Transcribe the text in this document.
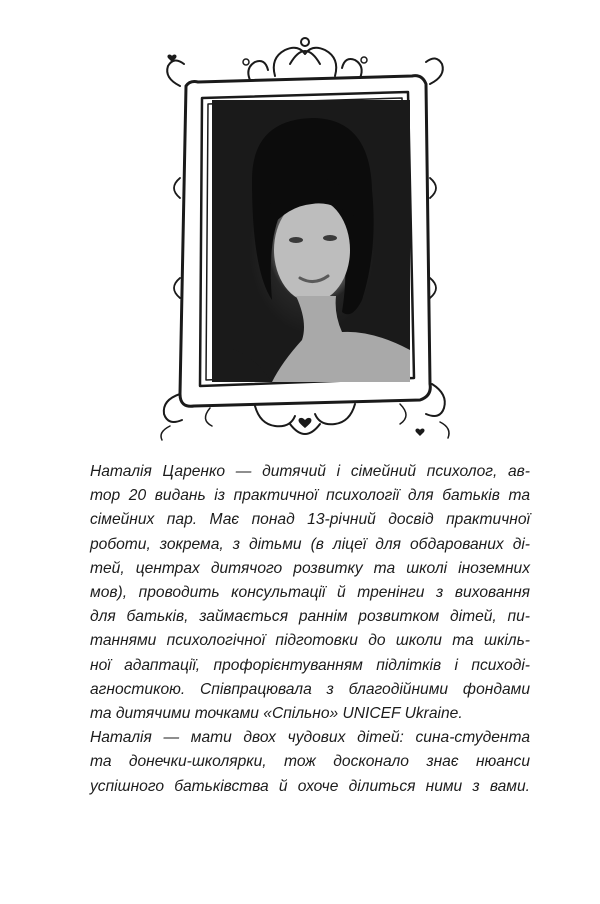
Наталія Царенко — дитячий і сімейний психолог, ав-
тор 20 видань із практичної психології для батьків та
сімейних пар. Має понад 13-річний досвід практичної
роботи, зокрема, з дітьми (в ліцеї для обдарованих ді-
тей, центрах дитячого розвитку та школі іноземних
мов), проводить консультації й тренінги з виховання
для батьків, займається раннім розвитком дітей, пи-
таннями психологічної підготовки до школи та шкіль-
ної адаптації, профорієнтуванням підлітків і псиході-
агностикою. Співпрацювала з благодійними фондами
та дитячими точками «Спільно» UNICEF Ukraine.
Наталія — мати двох чудових дітей: сина-студента
та донечки-школярки, тож досконало знає нюанси
успішного батьківства й охоче ділиться ними з вами.
